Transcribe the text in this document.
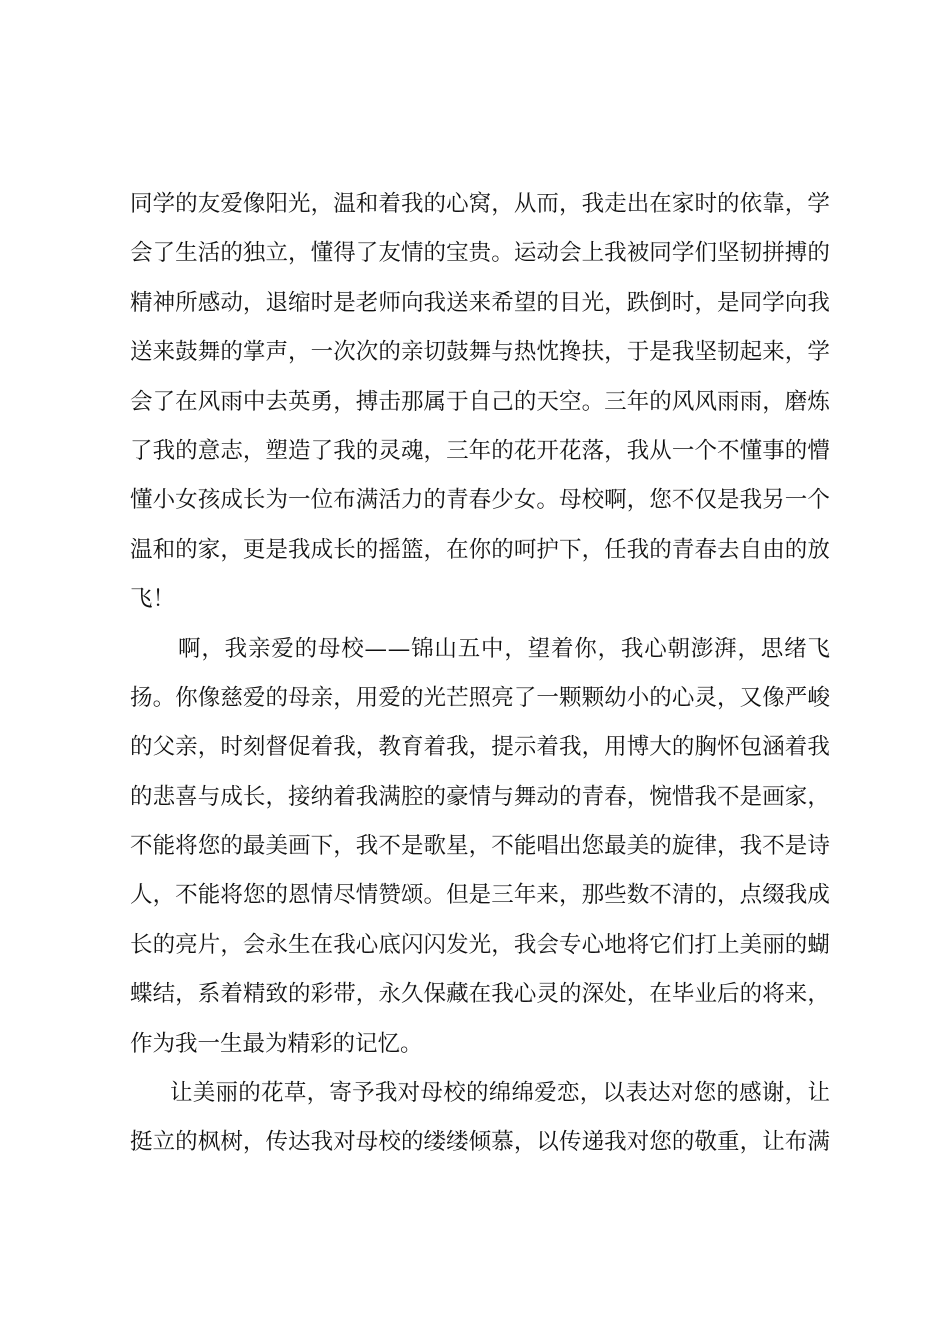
同 学 的 友 爱 像 阳 光 ， 温 和 着 我 的 心 窝 ， 从 而 ， 我 走 出 在 家 时 的 依 靠 ， 学
会 了 生 活 的 独 立 ， 懂 得 了 友 情 的 宝 贵 。 运 动 会 上 我 被 同 学 们 坚 韧 拼 搏 的
精 神 所 感 动 ， 退 缩 时 是 老 师 向 我 送 来 希 望 的 目 光 ， 跌 倒 时 ， 是 同 学 向 我
送 来 鼓 舞 的 掌 声 ， 一 次 次 的 亲 切 鼓 舞 与 热 忱 搀 扶 ， 于 是 我 坚 韧 起 来 ， 学
会 了 在 风 雨 中 去 英 勇 ， 搏 击 那 属 于 自 己 的 天 空 。 三 年 的 风 风 雨 雨 ， 磨 炼
了 我 的 意 志 ， 塑 造 了 我 的 灵 魂 ， 三 年 的 花 开 花 落 ， 我 从 一 个 不 懂 事 的 懵
懂 小 女 孩 成 长 为 一 位 布 满 活 力 的 青 春 少 女 。 母 校 啊 ， 您 不 仅 是 我 另 一 个
温 和 的 家 ， 更 是 我 成 长 的 摇 篮 ， 在 你 的 呵 护 下 ， 任 我 的 青 春 去 自 由 的 放
飞！
啊 ， 我 亲 爱 的 母 校 — — 锦 山 五 中 ， 望 着 你 ， 我 心 朝 澎 湃 ， 思 绪 飞
扬 。 你 像 慈 爱 的 母 亲 ， 用 爱 的 光 芒 照 亮 了 一 颗 颗 幼 小 的 心 灵 ， 又 像 严 峻
的 父 亲 ， 时 刻 督 促 着 我 ， 教 育 着 我 ， 提 示 着 我 ， 用 博 大 的 胸 怀 包 涵 着 我
的 悲 喜 与 成 长 ， 接 纳 着 我 满 腔 的 豪 情 与 舞 动 的 青 春 ， 惋 惜 我 不 是 画 家 ，
不 能 将 您 的 最 美 画 下 ， 我 不 是 歌 星 ， 不 能 唱 出 您 最 美 的 旋 律 ， 我 不 是 诗
人 ， 不 能 将 您 的 恩 情 尽 情 赞 颂 。 但 是 三 年 来 ， 那 些 数 不 清 的 ， 点 缀 我 成
长 的 亮 片 ， 会 永 生 在 我 心 底 闪 闪 发 光 ， 我 会 专 心 地 将 它 们 打 上 美 丽 的 蝴
蝶 结 ， 系 着 精 致 的 彩 带 ， 永 久 保 藏 在 我 心 灵 的 深 处 ， 在 毕 业 后 的 将 来 ，
作为我一生最为精彩的记忆。
让 美 丽 的 花 草 ， 寄 予 我 对 母 校 的 绵 绵 爱 恋 ， 以 表 达 对 您 的 感 谢 ， 让
挺 立 的 枫 树 ， 传 达 我 对 母 校 的 缕 缕 倾 慕 ， 以 传 递 我 对 您 的 敬 重 ， 让 布 满
